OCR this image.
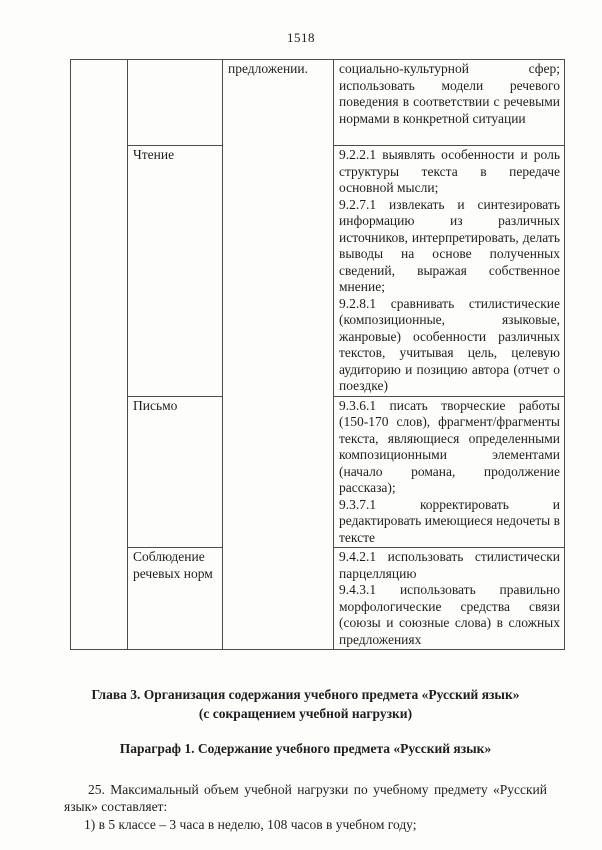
1518
		предложении.	социально-культурной сфер; использовать модели речевого поведения в соответствии с речевыми нормами в конкретной ситуации

	Чтение		9.2.2.1 выявлять особенности и роль структуры текста в передаче основной мысли;

9.2.7.1 извлекать и синтезировать информацию из различных источников, интерпретировать, делать выводы на основе полученных сведений, выражая собственное мнение;

9.2.8.1 сравнивать стилистические (композиционные, языковые, жанровые) особенности различных текстов, учитывая цель, целевую аудиторию и позицию автора (отчет о поездке)

	Письмо		9.3.6.1 писать творческие работы (150-170 слов), фрагмент/фрагменты текста, являющиеся определенными композиционными элементами (начало романа, продолжение рассказа);

9.3.7.1 корректировать и редактировать имеющиеся недочеты в тексте

	Соблюдение речевых норм		9.4.2.1 использовать стилистически парцелляцию

9.4.3.1 использовать правильно морфологические средства связи (союзы и союзные слова) в сложных предложениях

Глава 3. Организация содержания учебного предмета «Русский язык»
(с сокращением учебной нагрузки)

Параграф 1. Содержание учебного предмета «Русский язык»

25. Максимальный объем учебной нагрузки по учебному предмету «Русский язык» составляет:

1) в 5 классе – 3 часа в неделю, 108 часов в учебном году;
